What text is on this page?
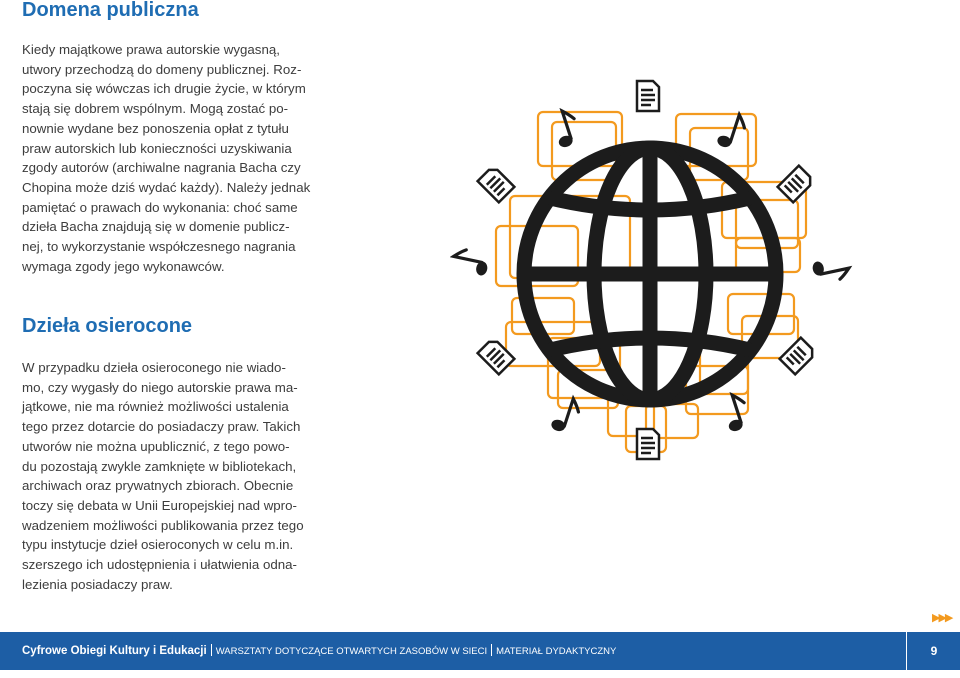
Domena publiczna
Kiedy majątkowe prawa autorskie wygasną,
utwory przechodzą do domeny publicznej. Roz-
poczyna się wówczas ich drugie życie, w którym
stają się dobrem wspólnym. Mogą zostać po-
nownie wydane bez ponoszenia opłat z tytułu
praw autorskich lub konieczności uzyskiwania
zgody autorów (archiwalne nagrania Bacha czy
Chopina może dziś wydać każdy). Należy jednak
pamiętać o prawach do wykonania: choć same
dzieła Bacha znajdują się w domenie publicz-
nej, to wykorzystanie współczesnego nagrania
wymaga zgody jego wykonawców.
Dzieła osierocone
W przypadku dzieła osieroconego nie wiado-
mo, czy wygasły do niego autorskie prawa ma-
jątkowe, nie ma również możliwości ustalenia
tego przez dotarcie do posiadaczy praw. Takich
utworów nie można upublicznić, z tego powo-
du pozostają zwykle zamknięte w bibliotekach,
archiwach oraz prywatnych zbiorach. Obecnie
toczy się debata w Unii Europejskiej nad wpro-
wadzeniem możliwości publikowania przez tego
typu instytucje dzieł osieroconych w celu m.in.
szerszego ich udostępnienia i ułatwienia odna-
lezienia posiadaczy praw.
▶▶▶
Cyfrowe Obiegi Kultury i Edukacji WARSZTATY DOTYCZĄCE OTWARTYCH ZASOBÓW W SIECI MATERIAŁ DYDAKTYCZNY	9
